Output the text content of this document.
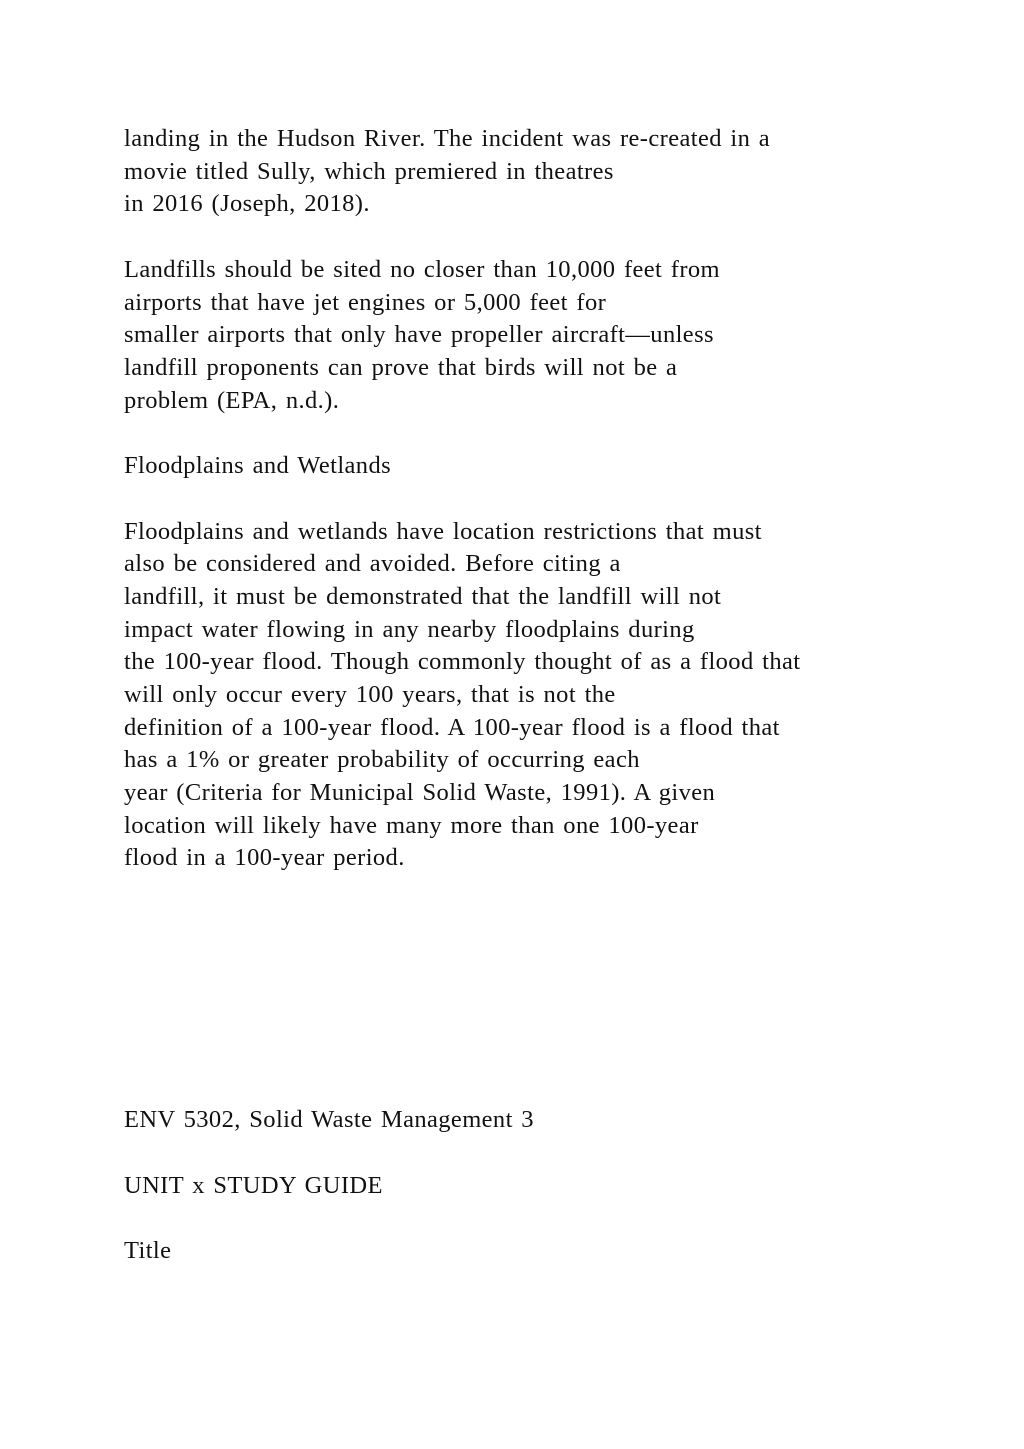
landing in the Hudson River. The incident was re-created in a
movie titled Sully, which premiered in theatres
in 2016 (Joseph, 2018).
Landfills should be sited no closer than 10,000 feet from
airports that have jet engines or 5,000 feet for
smaller airports that only have propeller aircraft—unless
landfill proponents can prove that birds will not be a
problem (EPA, n.d.).
Floodplains and Wetlands
Floodplains and wetlands have location restrictions that must
also be considered and avoided. Before citing a
landfill, it must be demonstrated that the landfill will not
impact water flowing in any nearby floodplains during
the 100-year flood. Though commonly thought of as a flood that
will only occur every 100 years, that is not the
definition of a 100-year flood. A 100-year flood is a flood that
has a 1% or greater probability of occurring each
year (Criteria for Municipal Solid Waste, 1991). A given
location will likely have many more than one 100-year
flood in a 100-year period.
ENV 5302, Solid Waste Management 3
UNIT x STUDY GUIDE
Title
